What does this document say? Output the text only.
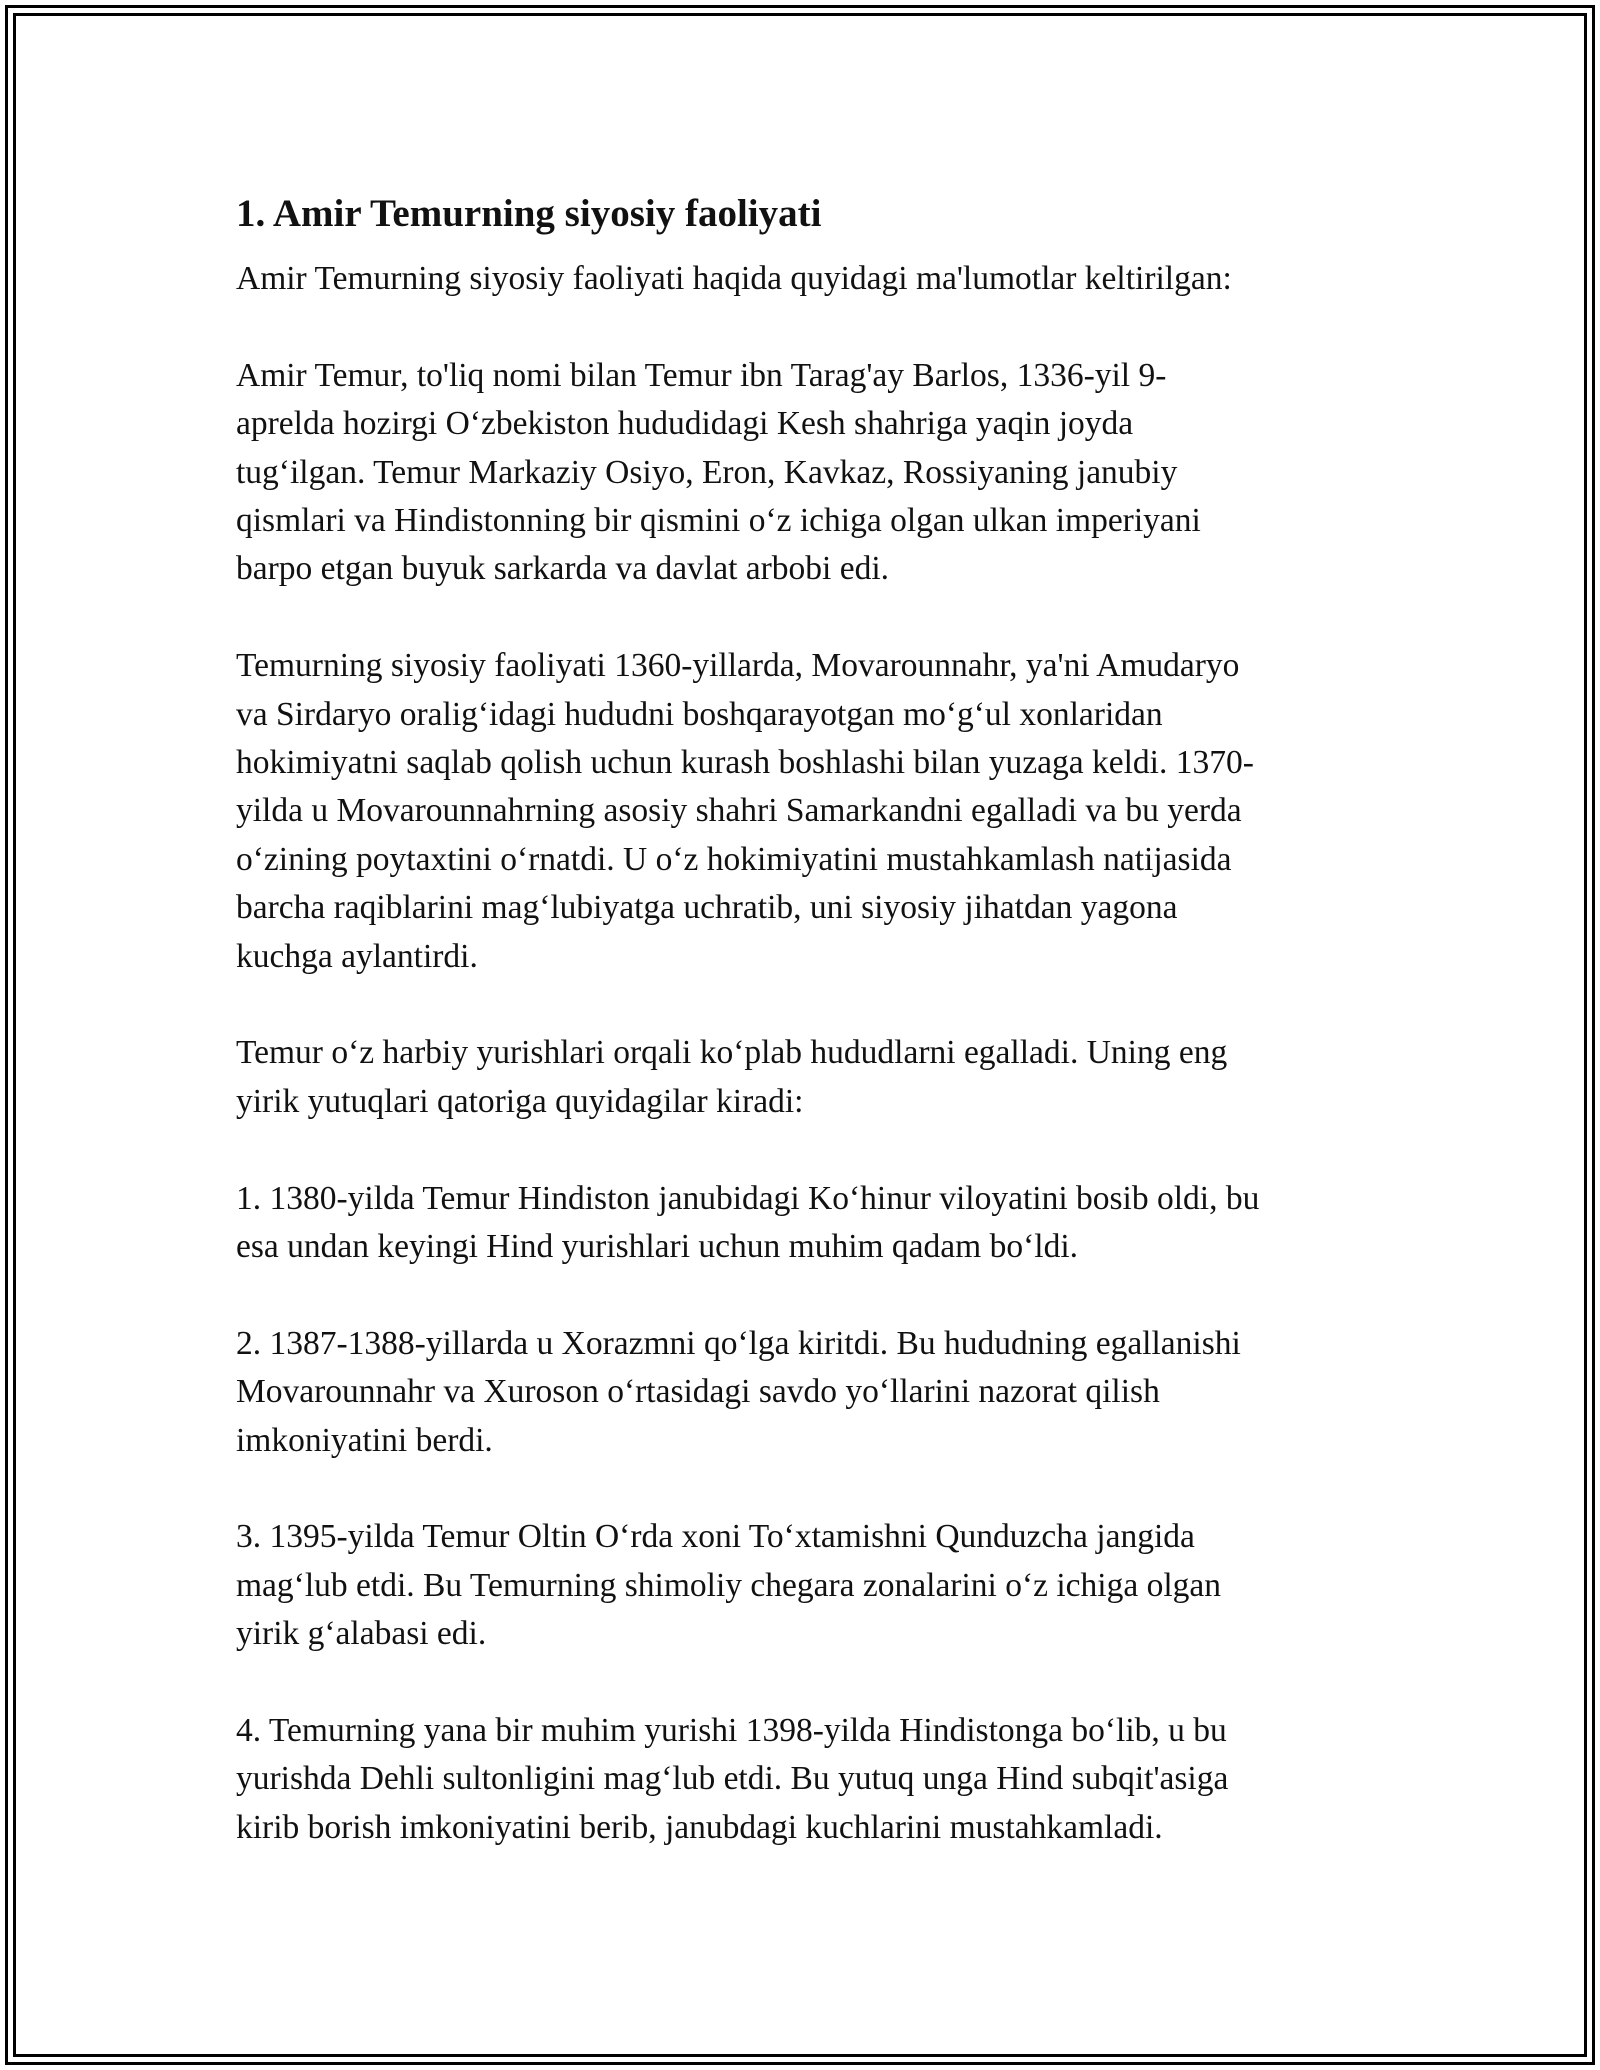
1. Amir Temurning siyosiy faoliyati

Amir Temurning siyosiy faoliyati haqida quyidagi ma'lumotlar keltirilgan:

Amir Temur, to'liq nomi bilan Temur ibn Tarag'ay Barlos, 1336-yil 9-
aprelda hozirgi Oʻzbekiston hududidagi Kesh shahriga yaqin joyda
tugʻilgan. Temur Markaziy Osiyo, Eron, Kavkaz, Rossiyaning janubiy
qismlari va Hindistonning bir qismini oʻz ichiga olgan ulkan imperiyani
barpo etgan buyuk sarkarda va davlat arbobi edi.

Temurning siyosiy faoliyati 1360-yillarda, Movarounnahr, ya'ni Amudaryo
va Sirdaryo oraligʻidagi hududni boshqarayotgan moʻgʻul xonlaridan
hokimiyatni saqlab qolish uchun kurash boshlashi bilan yuzaga keldi. 1370-
yilda u Movarounnahrning asosiy shahri Samarkandni egalladi va bu yerda
oʻzining poytaxtini oʻrnatdi. U oʻz hokimiyatini mustahkamlash natijasida
barcha raqiblarini magʻlubiyatga uchratib, uni siyosiy jihatdan yagona
kuchga aylantirdi.

Temur oʻz harbiy yurishlari orqali koʻplab hududlarni egalladi. Uning eng
yirik yutuqlari qatoriga quyidagilar kiradi:

1. 1380-yilda Temur Hindiston janubidagi Koʻhinur viloyatini bosib oldi, bu
esa undan keyingi Hind yurishlari uchun muhim qadam boʻldi.

2. 1387-1388-yillarda u Xorazmni qoʻlga kiritdi. Bu hududning egallanishi
Movarounnahr va Xuroson oʻrtasidagi savdo yoʻllarini nazorat qilish
imkoniyatini berdi.

3. 1395-yilda Temur Oltin Oʻrda xoni Toʻxtamishni Qunduzcha jangida
magʻlub etdi. Bu Temurning shimoliy chegara zonalarini oʻz ichiga olgan
yirik gʻalabasi edi.

4. Temurning yana bir muhim yurishi 1398-yilda Hindistonga boʻlib, u bu
yurishda Dehli sultonligini magʻlub etdi. Bu yutuq unga Hind subqit'asiga
kirib borish imkoniyatini berib, janubdagi kuchlarini mustahkamladi.
